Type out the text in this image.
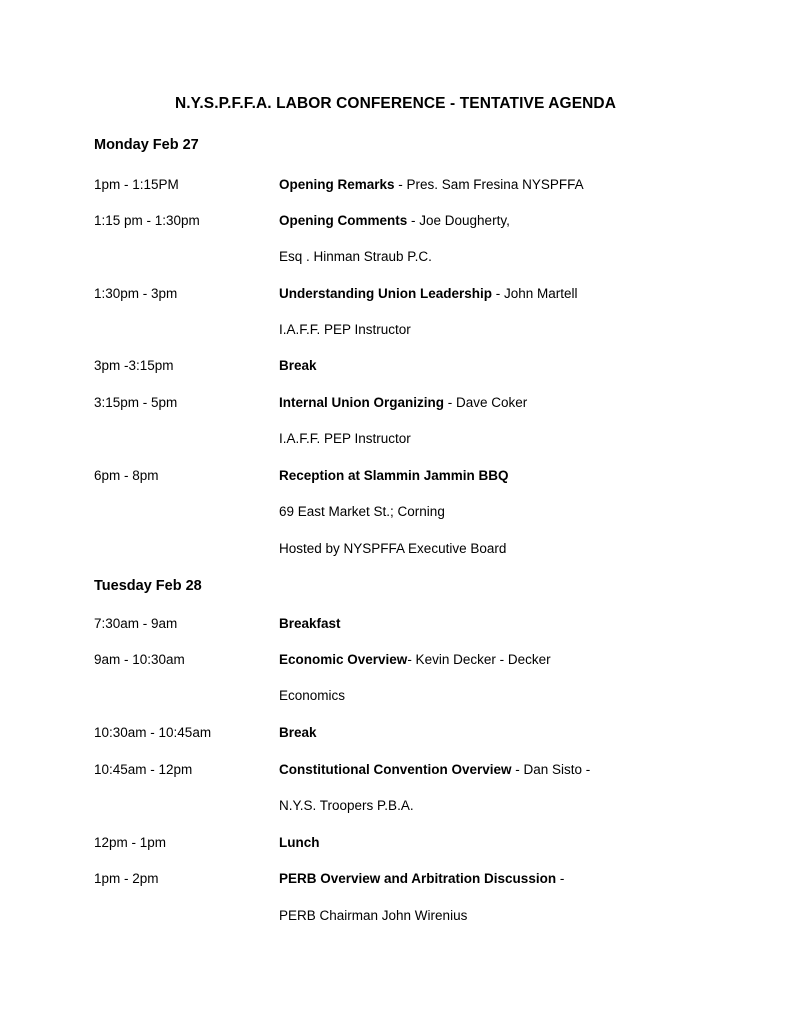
N.Y.S.P.F.F.A. LABOR CONFERENCE - TENTATIVE AGENDA
Monday Feb 27
1pm - 1:15PM	Opening Remarks - Pres. Sam Fresina NYSPFFA
1:15 pm - 1:30pm	Opening Comments - Joe Dougherty,
Esq . Hinman Straub P.C.
1:30pm - 3pm	Understanding Union Leadership - John Martell
I.A.F.F. PEP Instructor
3pm -3:15pm	Break
3:15pm - 5pm	Internal Union Organizing - Dave Coker
I.A.F.F. PEP Instructor
6pm - 8pm	Reception at Slammin Jammin BBQ
69 East Market St.; Corning
Hosted by NYSPFFA Executive Board
Tuesday Feb 28
7:30am - 9am	Breakfast
9am - 10:30am	Economic Overview- Kevin Decker - Decker
Economics
10:30am - 10:45am	Break
10:45am - 12pm	Constitutional Convention Overview - Dan Sisto -
N.Y.S. Troopers P.B.A.
12pm - 1pm	Lunch
1pm - 2pm	PERB Overview and Arbitration Discussion -
PERB Chairman John Wirenius
